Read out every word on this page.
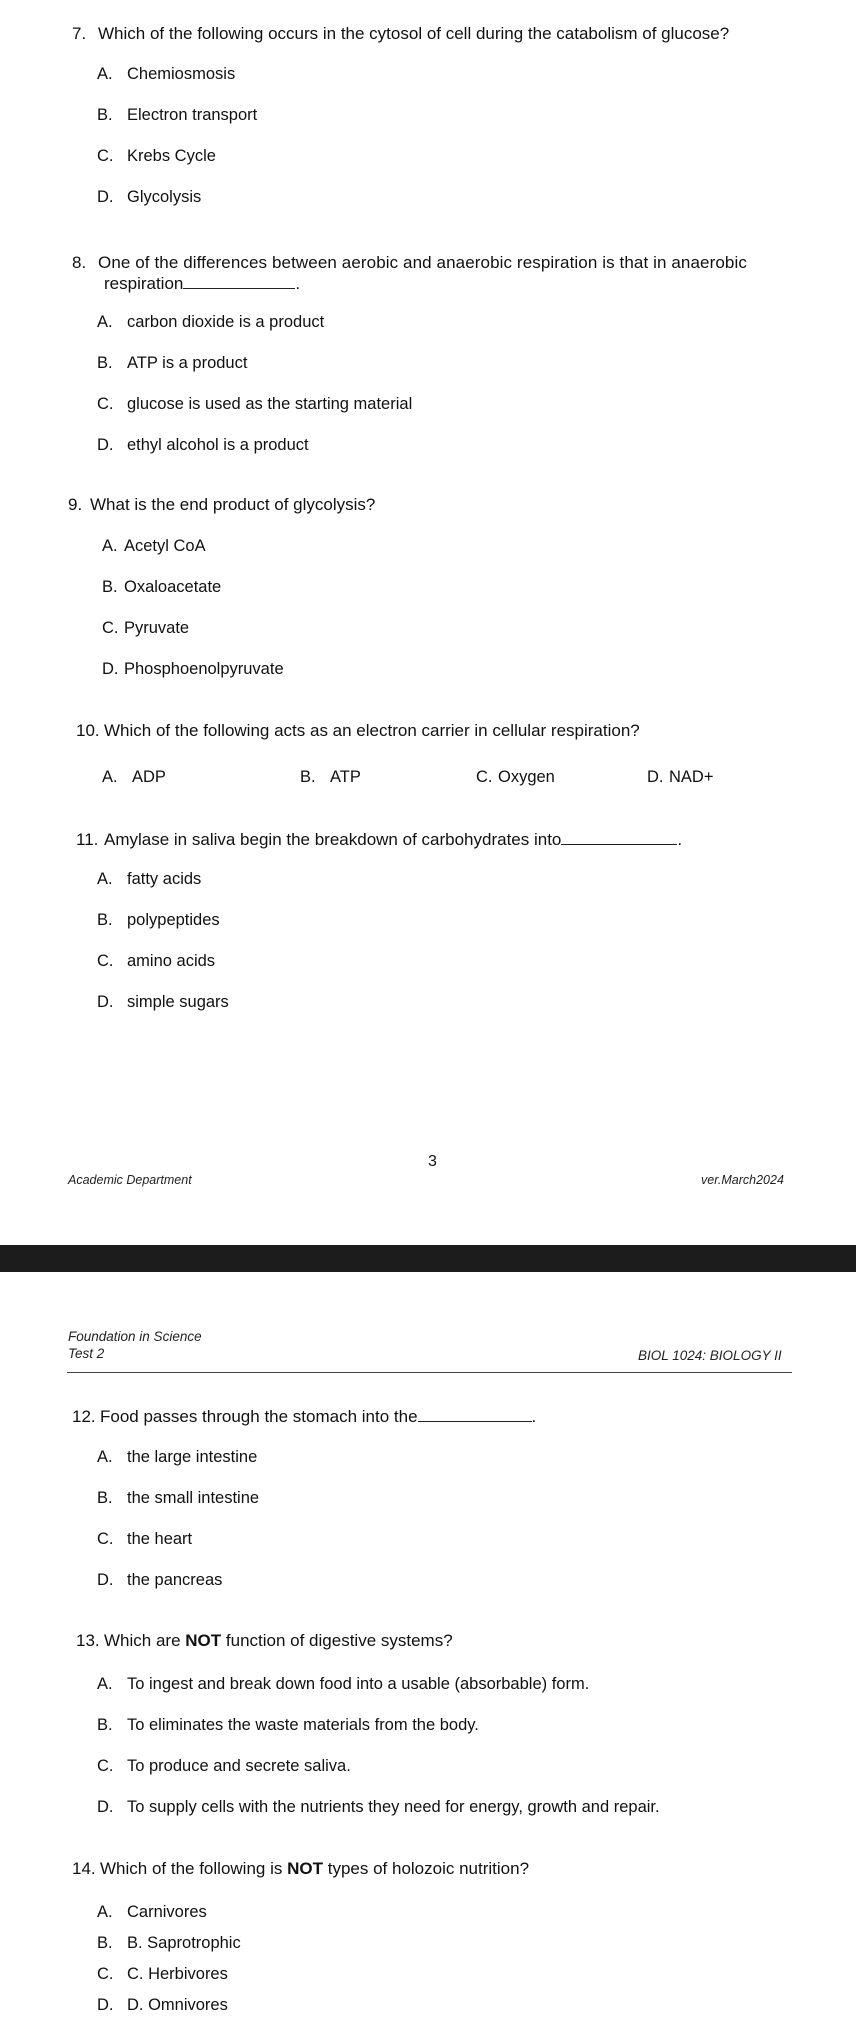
7. Which of the following occurs in the cytosol of cell during the catabolism of glucose?
A. Chemiosmosis
B. Electron transport
C. Krebs Cycle
D. Glycolysis
8. One of the differences between aerobic and anaerobic respiration is that in anaerobic
respiration	.
A. carbon dioxide is a product
B. ATP is a product
C. glucose is used as the starting material
D. ethyl alcohol is a product
9. What is the end product of glycolysis?
A. Acetyl CoA
B. Oxaloacetate
C. Pyruvate
D. Phosphoenolpyruvate
10. Which of the following acts as an electron carrier in cellular respiration?
A. ADP	B. ATP	C. Oxygen	D. NAD+
11. Amylase in saliva begin the breakdown of carbohydrates into	.
A. fatty acids
B. polypeptides
C. amino acids
D. simple sugars
3
Academic Department	ver.March2024
Foundation in Science
Test 2	BIOL 1024: BIOLOGY II
12. Food passes through the stomach into the	.
A. the large intestine
B. the small intestine
C. the heart
D. the pancreas
13. Which are NOT function of digestive systems?
A. To ingest and break down food into a usable (absorbable) form.
B. To eliminates the waste materials from the body.
C. To produce and secrete saliva.
D. To supply cells with the nutrients they need for energy, growth and repair.
14. Which of the following is NOT types of holozoic nutrition?
A. Carnivores
B. B. Saprotrophic
C. C. Herbivores
D. D. Omnivores
